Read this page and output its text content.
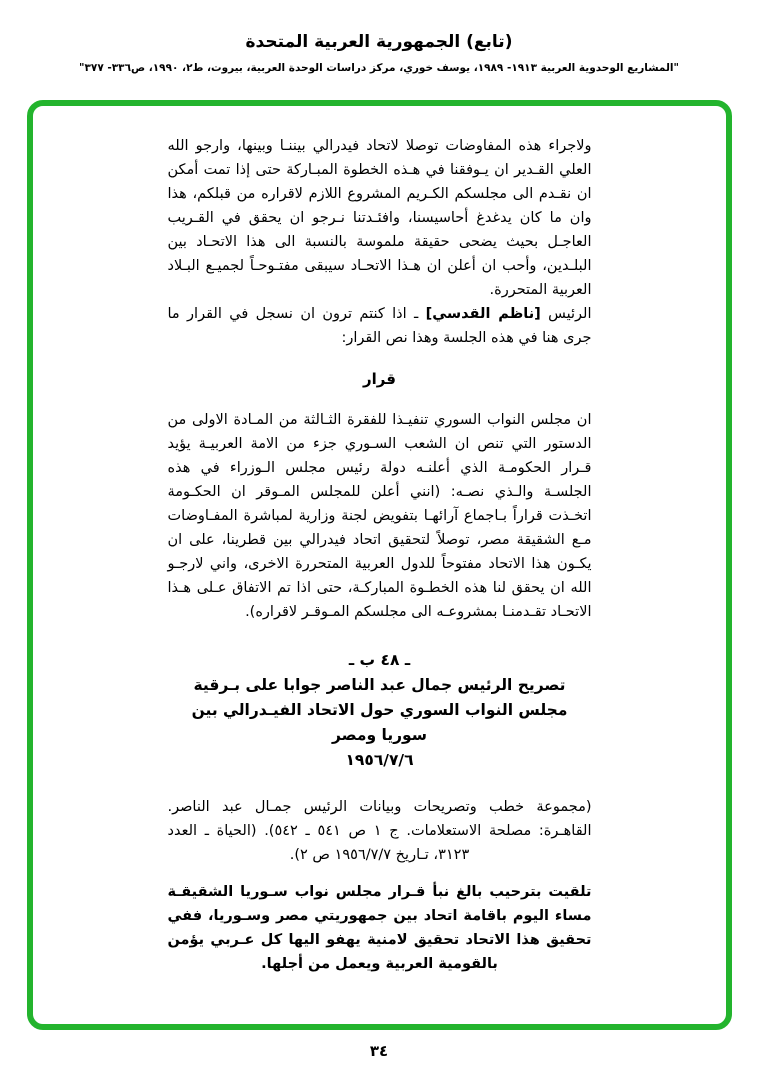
(تابع) الجمهورية العربية المتحدة
"المشاريع الوحدوية العربية ١٩١٣- ١٩٨٩، يوسف خوري، مركز دراسات الوحدة العربية، بيروت، ط٢، ١٩٩٠، ص٣٣٦- ٣٧٧"

ولاجراء هذه المفاوضات توصلا لاتحاد فيدرالي بيننـا وبينها، وارجو الله العلي القـدير ان يـوفقنا في هـذه الخطوة المبـاركة حتى إذا تمت أمكن ان نقـدم الى مجلسكم الكـريم المشروع اللازم لاقراره من قبلكم، هذا وان ما كان يدغدغ أحاسيسنا، وافئـدتنا نـرجو ان يحقق في القـريب العاجـل بحيث يضحى حقيقة ملموسة بالنسبة الى هذا الاتحـاد بين البلـدين، وأحب ان أعلن ان هـذا الاتحـاد سيبقى مفتـوحـاً لجميـع البـلاد العربية المتحررة.

الرئيس [ناظم القدسي] ـ اذا كنتم ترون ان نسجل في القرار ما جرى هنا في هذه الجلسة وهذا نص القرار:

قرار

ان مجلس النواب السوري تنفيـذا للفقرة الثـالثة من المـادة الاولى من الدستور التي تنص ان الشعب السـوري جزء من الامة العربيـة يؤيد قـرار الحكومـة الذي أعلنـه دولة رئيس مجلس الـوزراء في هذه الجلسـة والـذي نصـه: (انني أعلن للمجلس المـوقر ان الحكـومة اتخـذت قراراً بـاجماع آرائهـا بتفويض لجنة وزارية لمباشرة المفـاوضات مـع الشقيقة مصر، توصلاً لتحقيق اتحاد فيدرالي بين قطرينا، على ان يكـون هذا الاتحاد مفتوحاً للدول العربية المتحررة الاخرى، واني لارجـو الله ان يحقق لنا هذه الخطـوة المباركـة، حتى اذا تم الاتفاق عـلى هـذا الاتحـاد تقـدمنـا بمشروعـه الى مجلسكم المـوقـر لاقراره).

ـ ٤٨ ب ـ
تصريح الرئيس جمال عبد الناصر جوابا على بـرقية
مجلس النواب السوري حول الاتحاد الفيـدرالي بين
سوريا ومصر
١٩٥٦/٧/٦

(مجموعة خطب وتصريحات وبيانات الرئيس جمـال عبد الناصر. القاهـرة: مصلحة الاستعلامات. ج ١ ص ٥٤١ ـ ٥٤٢). (الحياة ـ العدد ٣١٢٣، تـاريخ ١٩٥٦/٧/٧ ص ٢).

تلقيت بترحيب بالغ نبأ قـرار مجلس نواب سـوريا الشقيقـة مساء اليوم باقامة اتحاد بين جمهوريتي مصر وسـوريا، ففي تحقيق هذا الاتحاد تحقيق لامنية يهفو اليها كل عـربي يؤمن بالقومية العربية ويعمل من أجلها.

٣٤
